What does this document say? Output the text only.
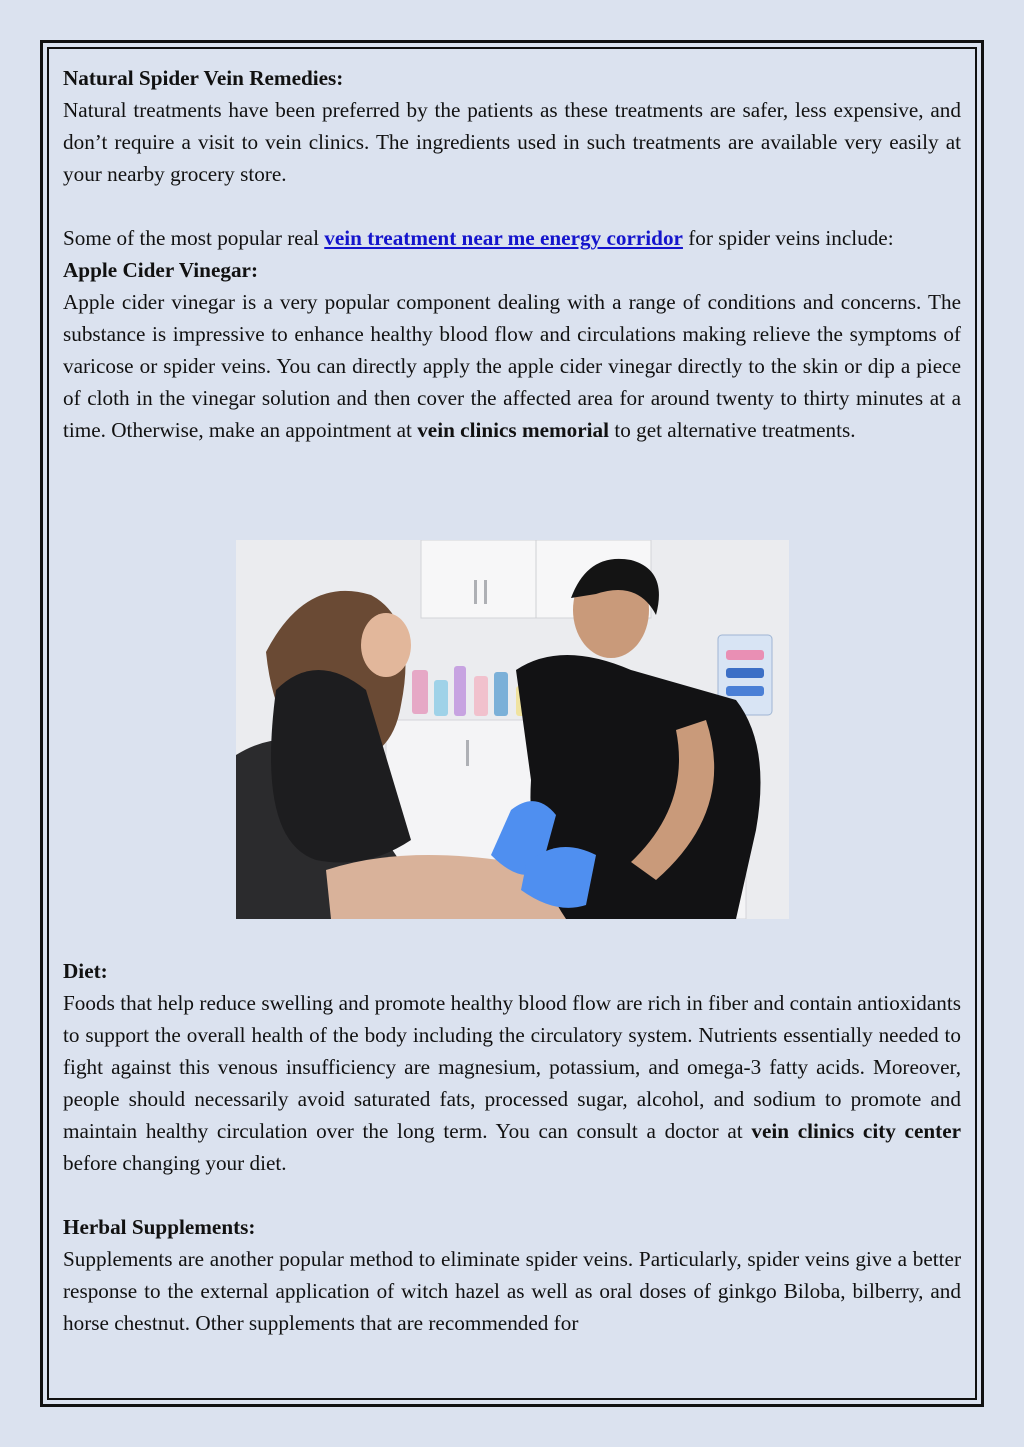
Natural Spider Vein Remedies:

Natural treatments have been preferred by the patients as these treatments are safer, less expensive, and don’t require a visit to vein clinics. The ingredients used in such treatments are available very easily at your nearby grocery store.

Some of the most popular real vein treatment near me energy corridor for spider veins include:

Apple Cider Vinegar:

Apple cider vinegar is a very popular component dealing with a range of conditions and concerns. The substance is impressive to enhance healthy blood flow and circulations making relieve the symptoms of varicose or spider veins. You can directly apply the apple cider vinegar directly to the skin or dip a piece of cloth in the vinegar solution and then cover the affected area for around twenty to thirty minutes at a time. Otherwise, make an appointment at vein clinics memorial to get alternative treatments.

Diet:

Foods that help reduce swelling and promote healthy blood flow are rich in fiber and contain antioxidants to support the overall health of the body including the circulatory system. Nutrients essentially needed to fight against this venous insufficiency are magnesium, potassium, and omega-3 fatty acids. Moreover, people should necessarily avoid saturated fats, processed sugar, alcohol, and sodium to promote and maintain healthy circulation over the long term. You can consult a doctor at vein clinics city center before changing your diet.

Herbal Supplements:

Supplements are another popular method to eliminate spider veins. Particularly, spider veins give a better response to the external application of witch hazel as well as oral doses of ginkgo Biloba, bilberry, and horse chestnut. Other supplements that are recommended for
